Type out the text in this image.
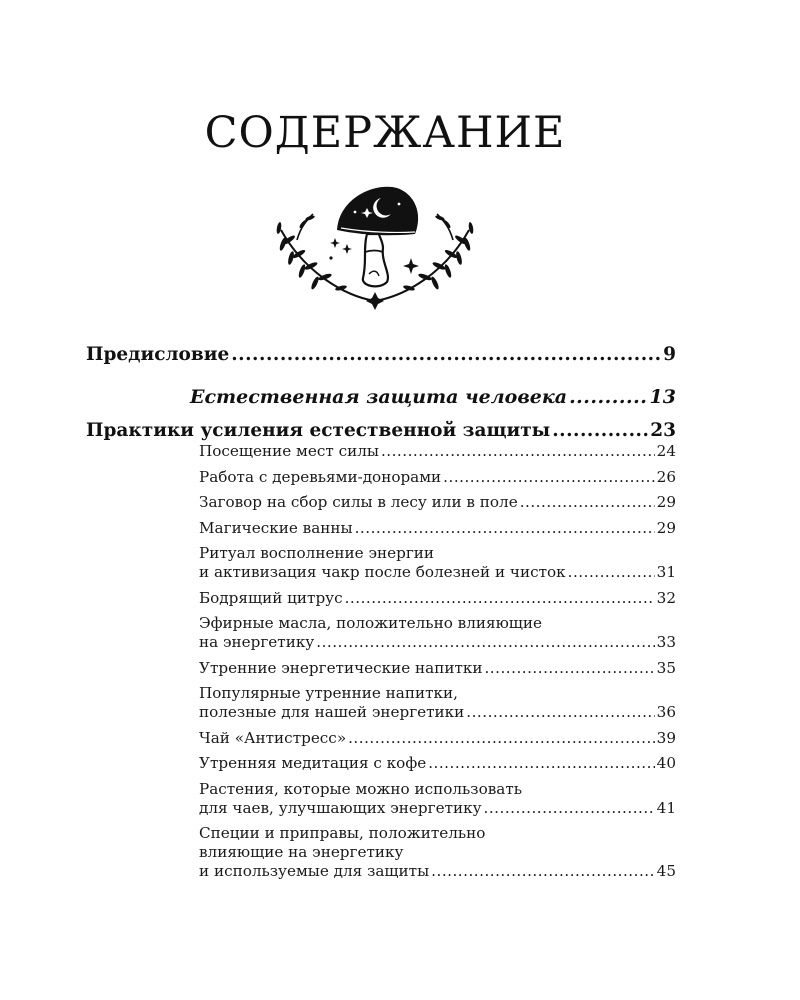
СОДЕРЖАНИЕ
Предисловие .....	9
Естественная защита человека .....	13
Практики усиления естественной защиты .....	23
Посещение мест силы .....	24
Работа с деревьями-донорами .....	26
Заговор на сбор силы в лесу или в поле .....	29
Магические ванны .....	29
Ритуал восполнение энергии
и активизация чакр после болезней и чисток .....	31
Бодрящий цитрус .....	32
Эфирные масла, положительно влияющие
на энергетику .....	33
Утренние энергетические напитки .....	35
Популярные утренние напитки,
полезные для нашей энергетики .....	36
Чай «Антистресс» .....	39
Утренняя медитация с кофе .....	40
Растения, которые можно использовать
для чаев, улучшающих энергетику .....	41
Специи и приправы, положительно
влияющие на энергетику
и используемые для защиты .....	45
